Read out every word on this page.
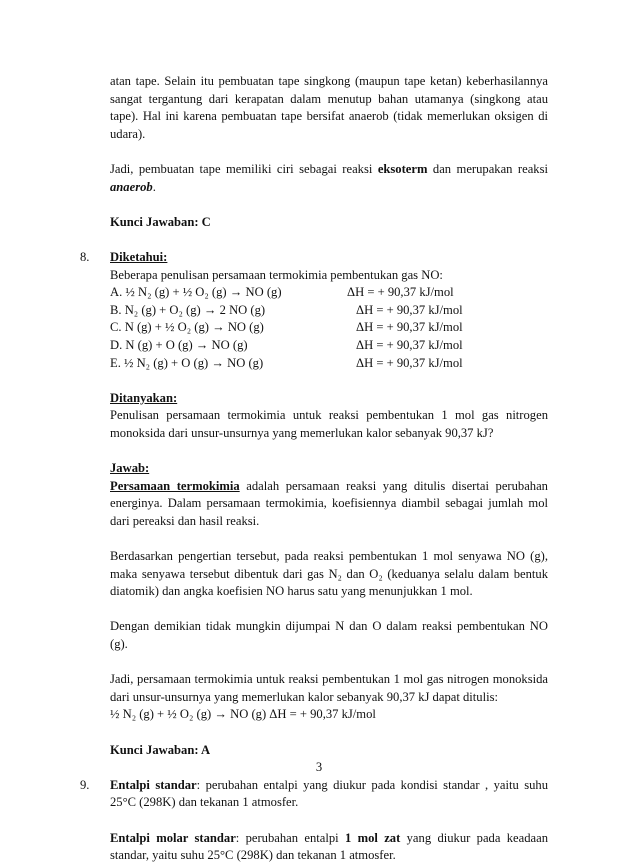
atan tape. Selain itu pembuatan tape singkong (maupun tape ketan) keberhasilannya sangat tergantung dari kerapatan dalam menutup bahan utamanya (singkong atau tape). Hal ini karena pembuatan tape bersifat anaerob (tidak memerlukan oksigen di udara).
Jadi, pembuatan tape memiliki ciri sebagai reaksi eksoterm dan merupakan reaksi anaerob.
Kunci Jawaban: C
8.	Diketahui:
Beberapa penulisan persamaan termokimia pembentukan gas NO:
A. ½ N₂ (g) + ½ O₂ (g) → NO (g)	ΔH = + 90,37 kJ/mol
B. N₂ (g) + O₂ (g) → 2 NO (g)	ΔH = + 90,37 kJ/mol
C. N (g) + ½ O₂ (g) → NO (g)	ΔH = + 90,37 kJ/mol
D. N (g) + O (g) → NO (g)	ΔH = + 90,37 kJ/mol
E. ½ N₂ (g) + O (g) → NO (g)	ΔH = + 90,37 kJ/mol
Ditanyakan:
Penulisan persamaan termokimia untuk reaksi pembentukan 1 mol gas nitrogen monoksida dari unsur-unsurnya yang memerlukan kalor sebanyak 90,37 kJ?
Jawab:
Persamaan termokimia adalah persamaan reaksi yang ditulis disertai perubahan energinya. Dalam persamaan termokimia, koefisiennya diambil sebagai jumlah mol dari pereaksi dan hasil reaksi.
Berdasarkan pengertian tersebut, pada reaksi pembentukan 1 mol senyawa NO (g), maka senyawa tersebut dibentuk dari gas N₂ dan O₂ (keduanya selalu dalam bentuk diatomik) dan angka koefisien NO harus satu yang menunjukkan 1 mol.
Dengan demikian tidak mungkin dijumpai N dan O dalam reaksi pembentukan NO (g).
Jadi, persamaan termokimia untuk reaksi pembentukan 1 mol gas nitrogen monoksida dari unsur-unsurnya yang memerlukan kalor sebanyak 90,37 kJ dapat ditulis:
½ N₂ (g) + ½ O₂ (g) → NO (g) ΔH = + 90,37 kJ/mol
Kunci Jawaban: A
9.	Entalpi standar: perubahan entalpi yang diukur pada kondisi standar , yaitu suhu 25°C (298K) dan tekanan 1 atmosfer.
Entalpi molar standar: perubahan entalpi 1 mol zat yang diukur pada keadaan standar, yaitu suhu 25°C (298K) dan tekanan 1 atmosfer.
3
